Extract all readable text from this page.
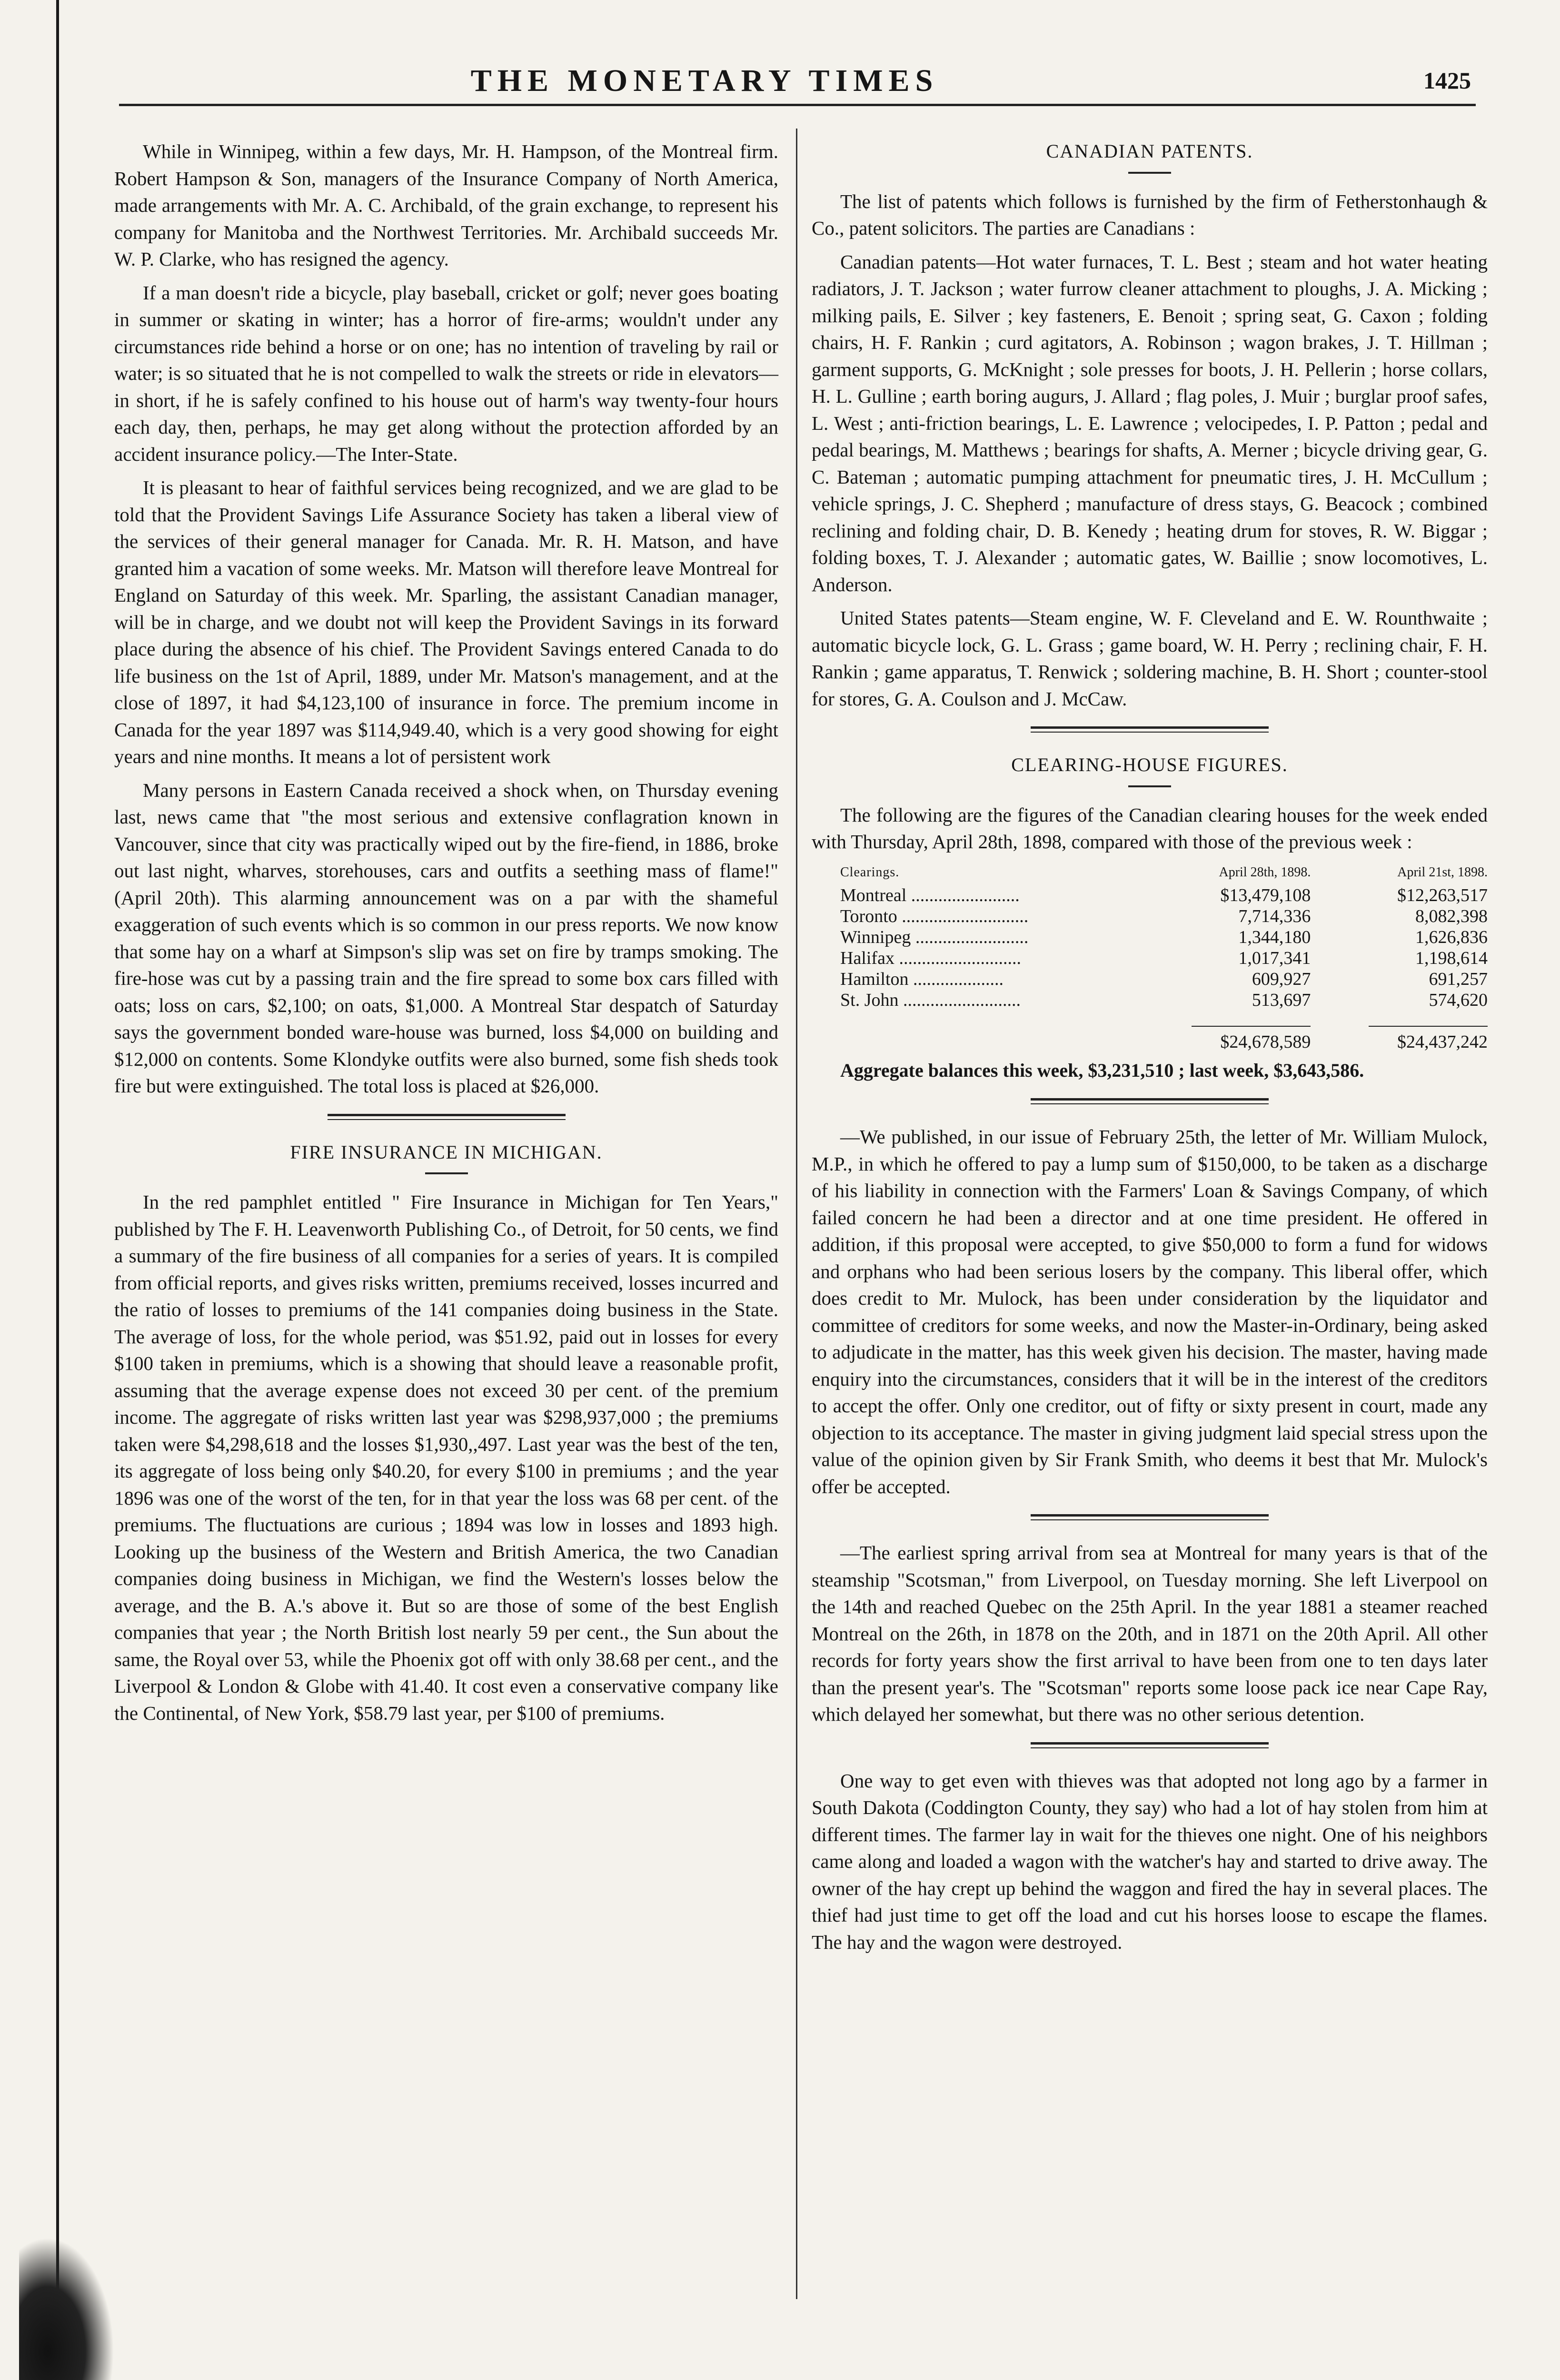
THE MONETARY TIMES	1425

While in Winnipeg, within a few days, Mr. H. Hampson, of the Montreal firm. Robert Hampson & Son, managers of the Insurance Company of North America, made arrangements with Mr. A. C. Archibald, of the grain exchange, to represent his company for Manitoba and the Northwest Territories. Mr. Archibald succeeds Mr. W. P. Clarke, who has resigned the agency.

If a man doesn't ride a bicycle, play baseball, cricket or golf; never goes boating in summer or skating in winter; has a horror of fire-arms; wouldn't under any circumstances ride behind a horse or on one; has no intention of traveling by rail or water; is so situated that he is not compelled to walk the streets or ride in elevators—in short, if he is safely confined to his house out of harm's way twenty-four hours each day, then, perhaps, he may get along without the protection afforded by an accident insurance policy.—The Inter-State.

It is pleasant to hear of faithful services being recognized, and we are glad to be told that the Provident Savings Life Assurance Society has taken a liberal view of the services of their general manager for Canada. Mr. R. H. Matson, and have granted him a vacation of some weeks. Mr. Matson will therefore leave Montreal for England on Saturday of this week. Mr. Sparling, the assistant Canadian manager, will be in charge, and we doubt not will keep the Provident Savings in its forward place during the absence of his chief. The Provident Savings entered Canada to do life business on the 1st of April, 1889, under Mr. Matson's management, and at the close of 1897, it had $4,123,100 of insurance in force. The premium income in Canada for the year 1897 was $114,949.40, which is a very good showing for eight years and nine months. It means a lot of persistent work

Many persons in Eastern Canada received a shock when, on Thursday evening last, news came that "the most serious and extensive conflagration known in Vancouver, since that city was practically wiped out by the fire-fiend, in 1886, broke out last night, wharves, storehouses, cars and outfits a seething mass of flame!" (April 20th). This alarming announcement was on a par with the shameful exaggeration of such events which is so common in our press reports. We now know that some hay on a wharf at Simpson's slip was set on fire by tramps smoking. The fire-hose was cut by a passing train and the fire spread to some box cars filled with oats; loss on cars, $2,100; on oats, $1,000. A Montreal Star despatch of Saturday says the government bonded ware-house was burned, loss $4,000 on building and $12,000 on contents. Some Klondyke outfits were also burned, some fish sheds took fire but were extinguished. The total loss is placed at $26,000.

FIRE INSURANCE IN MICHIGAN.

In the red pamphlet entitled " Fire Insurance in Michigan for Ten Years," published by The F. H. Leavenworth Publishing Co., of Detroit, for 50 cents, we find a summary of the fire business of all companies for a series of years. It is compiled from official reports, and gives risks written, premiums received, losses incurred and the ratio of losses to premiums of the 141 companies doing business in the State. The average of loss, for the whole period, was $51.92, paid out in losses for every $100 taken in premiums, which is a showing that should leave a reasonable profit, assuming that the average expense does not exceed 30 per cent. of the premium income. The aggregate of risks written last year was $298,937,000 ; the premiums taken were $4,298,618 and the losses $1,930,,497. Last year was the best of the ten, its aggregate of loss being only $40.20, for every $100 in premiums ; and the year 1896 was one of the worst of the ten, for in that year the loss was 68 per cent. of the premiums. The fluctuations are curious ; 1894 was low in losses and 1893 high. Looking up the business of the Western and British America, the two Canadian companies doing business in Michigan, we find the Western's losses below the average, and the B. A.'s above it. But so are those of some of the best English companies that year ; the North British lost nearly 59 per cent., the Sun about the same, the Royal over 53, while the Phoenix got off with only 38.68 per cent., and the Liverpool & London & Globe with 41.40. It cost even a conservative company like the Continental, of New York, $58.79 last year, per $100 of premiums.

CANADIAN PATENTS.

The list of patents which follows is furnished by the firm of Fetherstonhaugh & Co., patent solicitors. The parties are Canadians :

Canadian patents—Hot water furnaces, T. L. Best ; steam and hot water heating radiators, J. T. Jackson ; water furrow cleaner attachment to ploughs, J. A. Micking ; milking pails, E. Silver ; key fasteners, E. Benoit ; spring seat, G. Caxon ; folding chairs, H. F. Rankin ; curd agitators, A. Robinson ; wagon brakes, J. T. Hillman ; garment supports, G. McKnight ; sole presses for boots, J. H. Pellerin ; horse collars, H. L. Gulline ; earth boring augurs, J. Allard ; flag poles, J. Muir ; burglar proof safes, L. West ; anti-friction bearings, L. E. Lawrence ; velocipedes, I. P. Patton ; pedal and pedal bearings, M. Matthews ; bearings for shafts, A. Merner ; bicycle driving gear, G. C. Bateman ; automatic pumping attachment for pneumatic tires, J. H. McCullum ; vehicle springs, J. C. Shepherd ; manufacture of dress stays, G. Beacock ; combined reclining and folding chair, D. B. Kenedy ; heating drum for stoves, R. W. Biggar ; folding boxes, T. J. Alexander ; automatic gates, W. Baillie ; snow locomotives, L. Anderson.

United States patents—Steam engine, W. F. Cleveland and E. W. Rounthwaite ; automatic bicycle lock, G. L. Grass ; game board, W. H. Perry ; reclining chair, F. H. Rankin ; game apparatus, T. Renwick ; soldering machine, B. H. Short ; counter-stool for stores, G. A. Coulson and J. McCaw.

CLEARING-HOUSE FIGURES.

The following are the figures of the Canadian clearing houses for the week ended with Thursday, April 28th, 1898, compared with those of the previous week :

Clearings.	April 28th, 1898.	April 21st, 1898.
Montreal ........................	$13,479,108	$12,263,517
Toronto ............................	7,714,336	8,082,398
Winnipeg .........................	1,344,180	1,626,836
Halifax ...........................	1,017,341	1,198,614
Hamilton ....................	609,927	691,257
St. John ..........................	513,697	574,620

	$24,678,589	$24,437,242

Aggregate balances this week, $3,231,510 ; last week, $3,643,586.

—We published, in our issue of February 25th, the letter of Mr. William Mulock, M.P., in which he offered to pay a lump sum of $150,000, to be taken as a discharge of his liability in connection with the Farmers' Loan & Savings Company, of which failed concern he had been a director and at one time president. He offered in addition, if this proposal were accepted, to give $50,000 to form a fund for widows and orphans who had been serious losers by the company. This liberal offer, which does credit to Mr. Mulock, has been under consideration by the liquidator and committee of creditors for some weeks, and now the Master-in-Ordinary, being asked to adjudicate in the matter, has this week given his decision. The master, having made enquiry into the circumstances, considers that it will be in the interest of the creditors to accept the offer. Only one creditor, out of fifty or sixty present in court, made any objection to its acceptance. The master in giving judgment laid special stress upon the value of the opinion given by Sir Frank Smith, who deems it best that Mr. Mulock's offer be accepted.

—The earliest spring arrival from sea at Montreal for many years is that of the steamship "Scotsman," from Liverpool, on Tuesday morning. She left Liverpool on the 14th and reached Quebec on the 25th April. In the year 1881 a steamer reached Montreal on the 26th, in 1878 on the 20th, and in 1871 on the 20th April. All other records for forty years show the first arrival to have been from one to ten days later than the present year's. The "Scotsman" reports some loose pack ice near Cape Ray, which delayed her somewhat, but there was no other serious detention.

One way to get even with thieves was that adopted not long ago by a farmer in South Dakota (Coddington County, they say) who had a lot of hay stolen from him at different times. The farmer lay in wait for the thieves one night. One of his neighbors came along and loaded a wagon with the watcher's hay and started to drive away. The owner of the hay crept up behind the waggon and fired the hay in several places. The thief had just time to get off the load and cut his horses loose to escape the flames. The hay and the wagon were destroyed.
